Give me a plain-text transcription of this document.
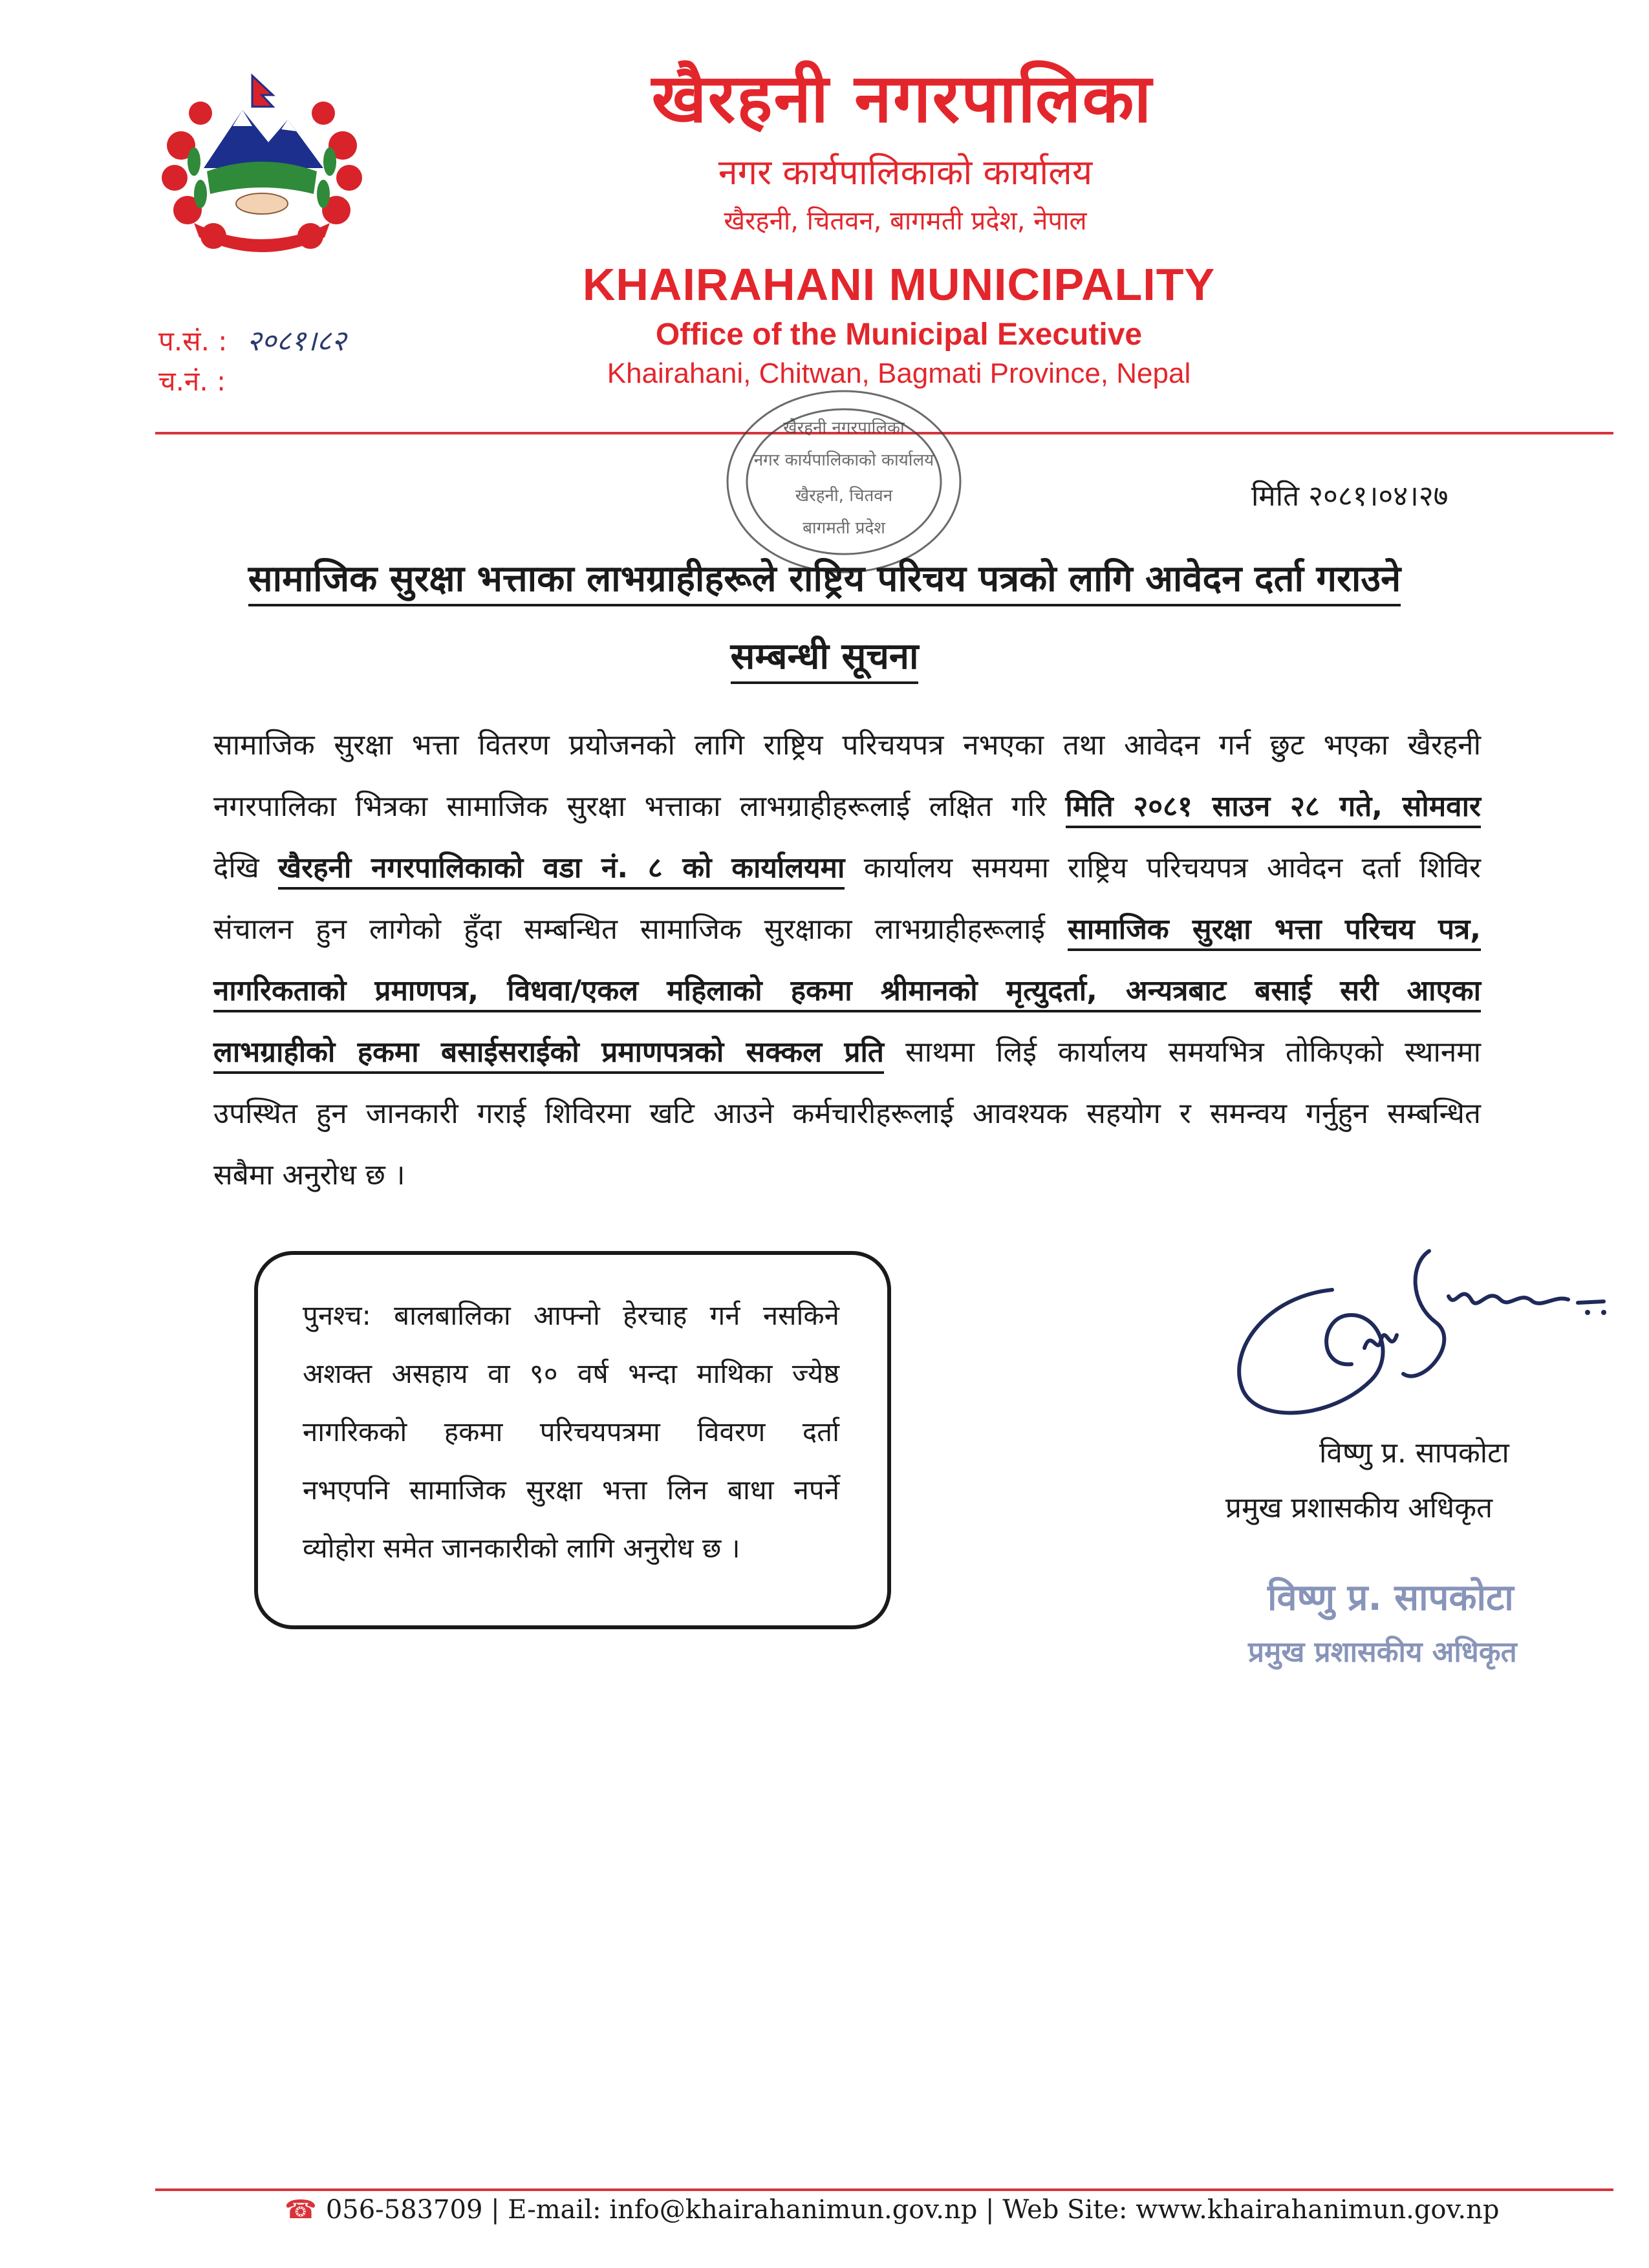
खैरहनी नगरपालिका
नगर कार्यपालिकाको कार्यालय
खैरहनी, चितवन, बागमती प्रदेश, नेपाल
KHAIRAHANI MUNICIPALITY
Office of the Municipal Executive
Khairahani, Chitwan, Bagmati Province, Nepal
प.सं. : २०८१।८२
च.नं. :
खैरहनी नगरपालिका
नगर कार्यपालिकाको कार्यालय
खैरहनी, चितवन
बागमती प्रदेश
मिति २०८१।०४।२७
सामाजिक सुरक्षा भत्ताका लाभग्राहीहरूले राष्ट्रिय परिचय पत्रको लागि आवेदन दर्ता गराउने
सम्बन्धी सूचना
सामाजिक सुरक्षा भत्ता वितरण प्रयोजनको लागि राष्ट्रिय परिचयपत्र नभएका तथा आवेदन गर्न छुट भएका खैरहनी
नगरपालिका भित्रका सामाजिक सुरक्षा भत्ताका लाभग्राहीहरूलाई लक्षित गरि मिति २०८१ साउन २८ गते, सोमवार
देखि खैरहनी नगरपालिकाको वडा नं. ८ को कार्यालयमा कार्यालय समयमा राष्ट्रिय परिचयपत्र आवेदन दर्ता शिविर
संचालन हुन लागेको हुँदा सम्बन्धित सामाजिक सुरक्षाका लाभग्राहीहरूलाई सामाजिक सुरक्षा भत्ता परिचय पत्र,
नागरिकताको प्रमाणपत्र, विधवा/एकल महिलाको हकमा श्रीमानको मृत्युदर्ता, अन्यत्रबाट बसाई सरी आएका
लाभग्राहीको हकमा बसाईसराईको प्रमाणपत्रको सक्कल प्रति साथमा लिई कार्यालय समयभित्र तोकिएको स्थानमा
उपस्थित हुन जानकारी गराई शिविरमा खटि आउने कर्मचारीहरूलाई आवश्यक सहयोग र समन्वय गर्नुहुन सम्बन्धित
सबैमा अनुरोध छ ।
पुनश्च: बालबालिका आफ्नो हेरचाह गर्न नसकिने
अशक्त असहाय वा ९० वर्ष भन्दा माथिका ज्येष्ठ
नागरिकको हकमा परिचयपत्रमा विवरण दर्ता
नभएपनि सामाजिक सुरक्षा भत्ता लिन बाधा नपर्ने
व्योहोरा समेत जानकारीको लागि अनुरोध छ ।
विष्णु प्र. सापकोटा
प्रमुख प्रशासकीय अधिकृत
विष्णु प्र. सापकोटा
प्रमुख प्रशासकीय अधिकृत
☎ 056-583709 | E-mail: info@khairahanimun.gov.np | Web Site: www.khairahanimun.gov.np
